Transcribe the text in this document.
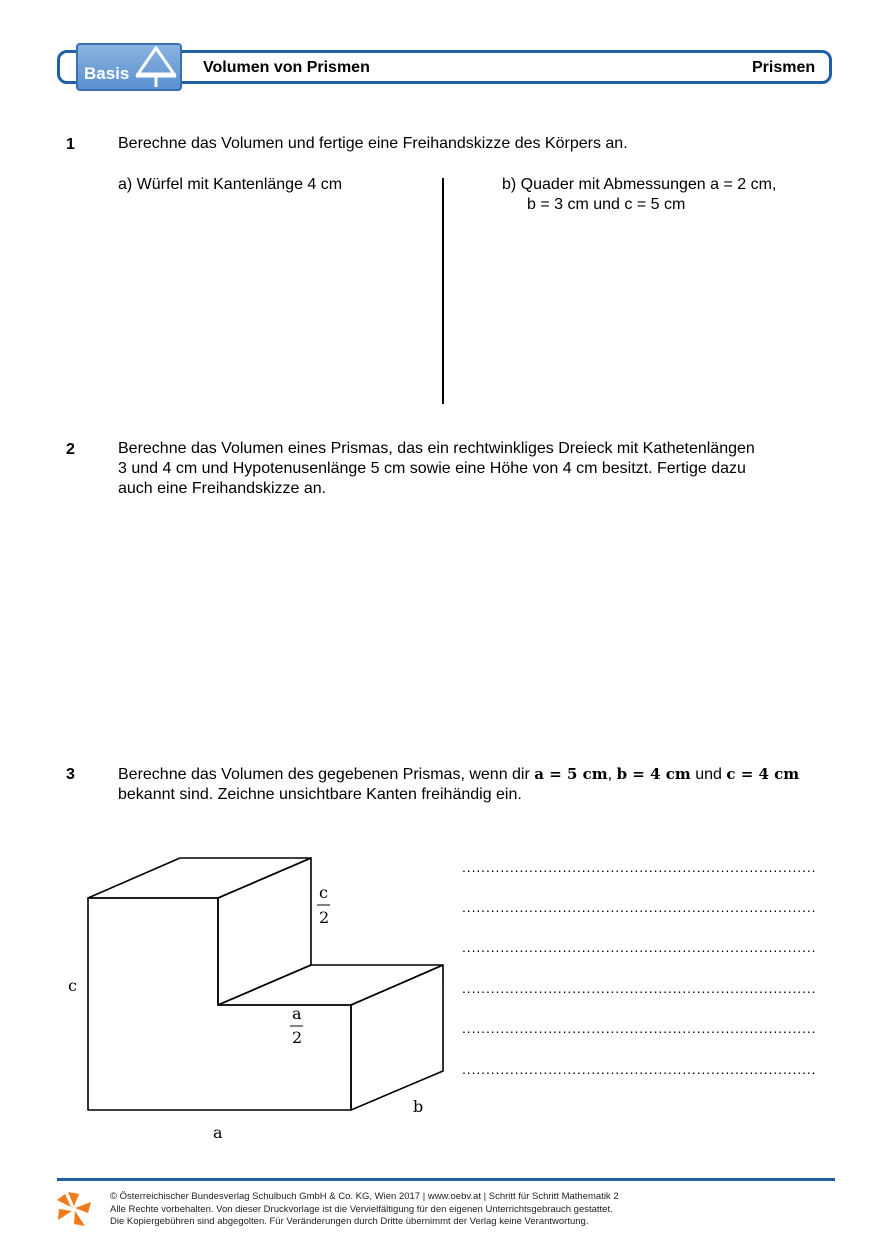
Basis	Volumen von Prismen	Prismen
1	Berechne das Volumen und fertige eine Freihandskizze des Körpers an.
a) Würfel mit Kantenlänge 4 cm	b) Quader mit Abmessungen a = 2 cm,
b = 3 cm und c = 5 cm
2	Berechne das Volumen eines Prismas, das ein rechtwinkliges Dreieck mit Kathetenlängen
3 und 4 cm und Hypotenusenlänge 5 cm sowie eine Höhe von 4 cm besitzt. Fertige dazu
auch eine Freihandskizze an.
3	Berechne das Volumen des gegebenen Prismas, wenn dir a = 5 cm, b = 4 cm und c = 4 cm
bekannt sind. Zeichne unsichtbare Kanten freihändig ein.
c
a
b
c
2
a
2
..........................................................................
..........................................................................
..........................................................................
..........................................................................
..........................................................................
..........................................................................
© Österreichischer Bundesverlag Schulbuch GmbH & Co. KG, Wien 2017 | www.oebv.at | Schritt für Schritt Mathematik 2
Alle Rechte vorbehalten. Von dieser Druckvorlage ist die Vervielfältigung für den eigenen Unterrichtsgebrauch gestattet.
Die Kopiergebühren sind abgegolten. Für Veränderungen durch Dritte übernimmt der Verlag keine Verantwortung.
